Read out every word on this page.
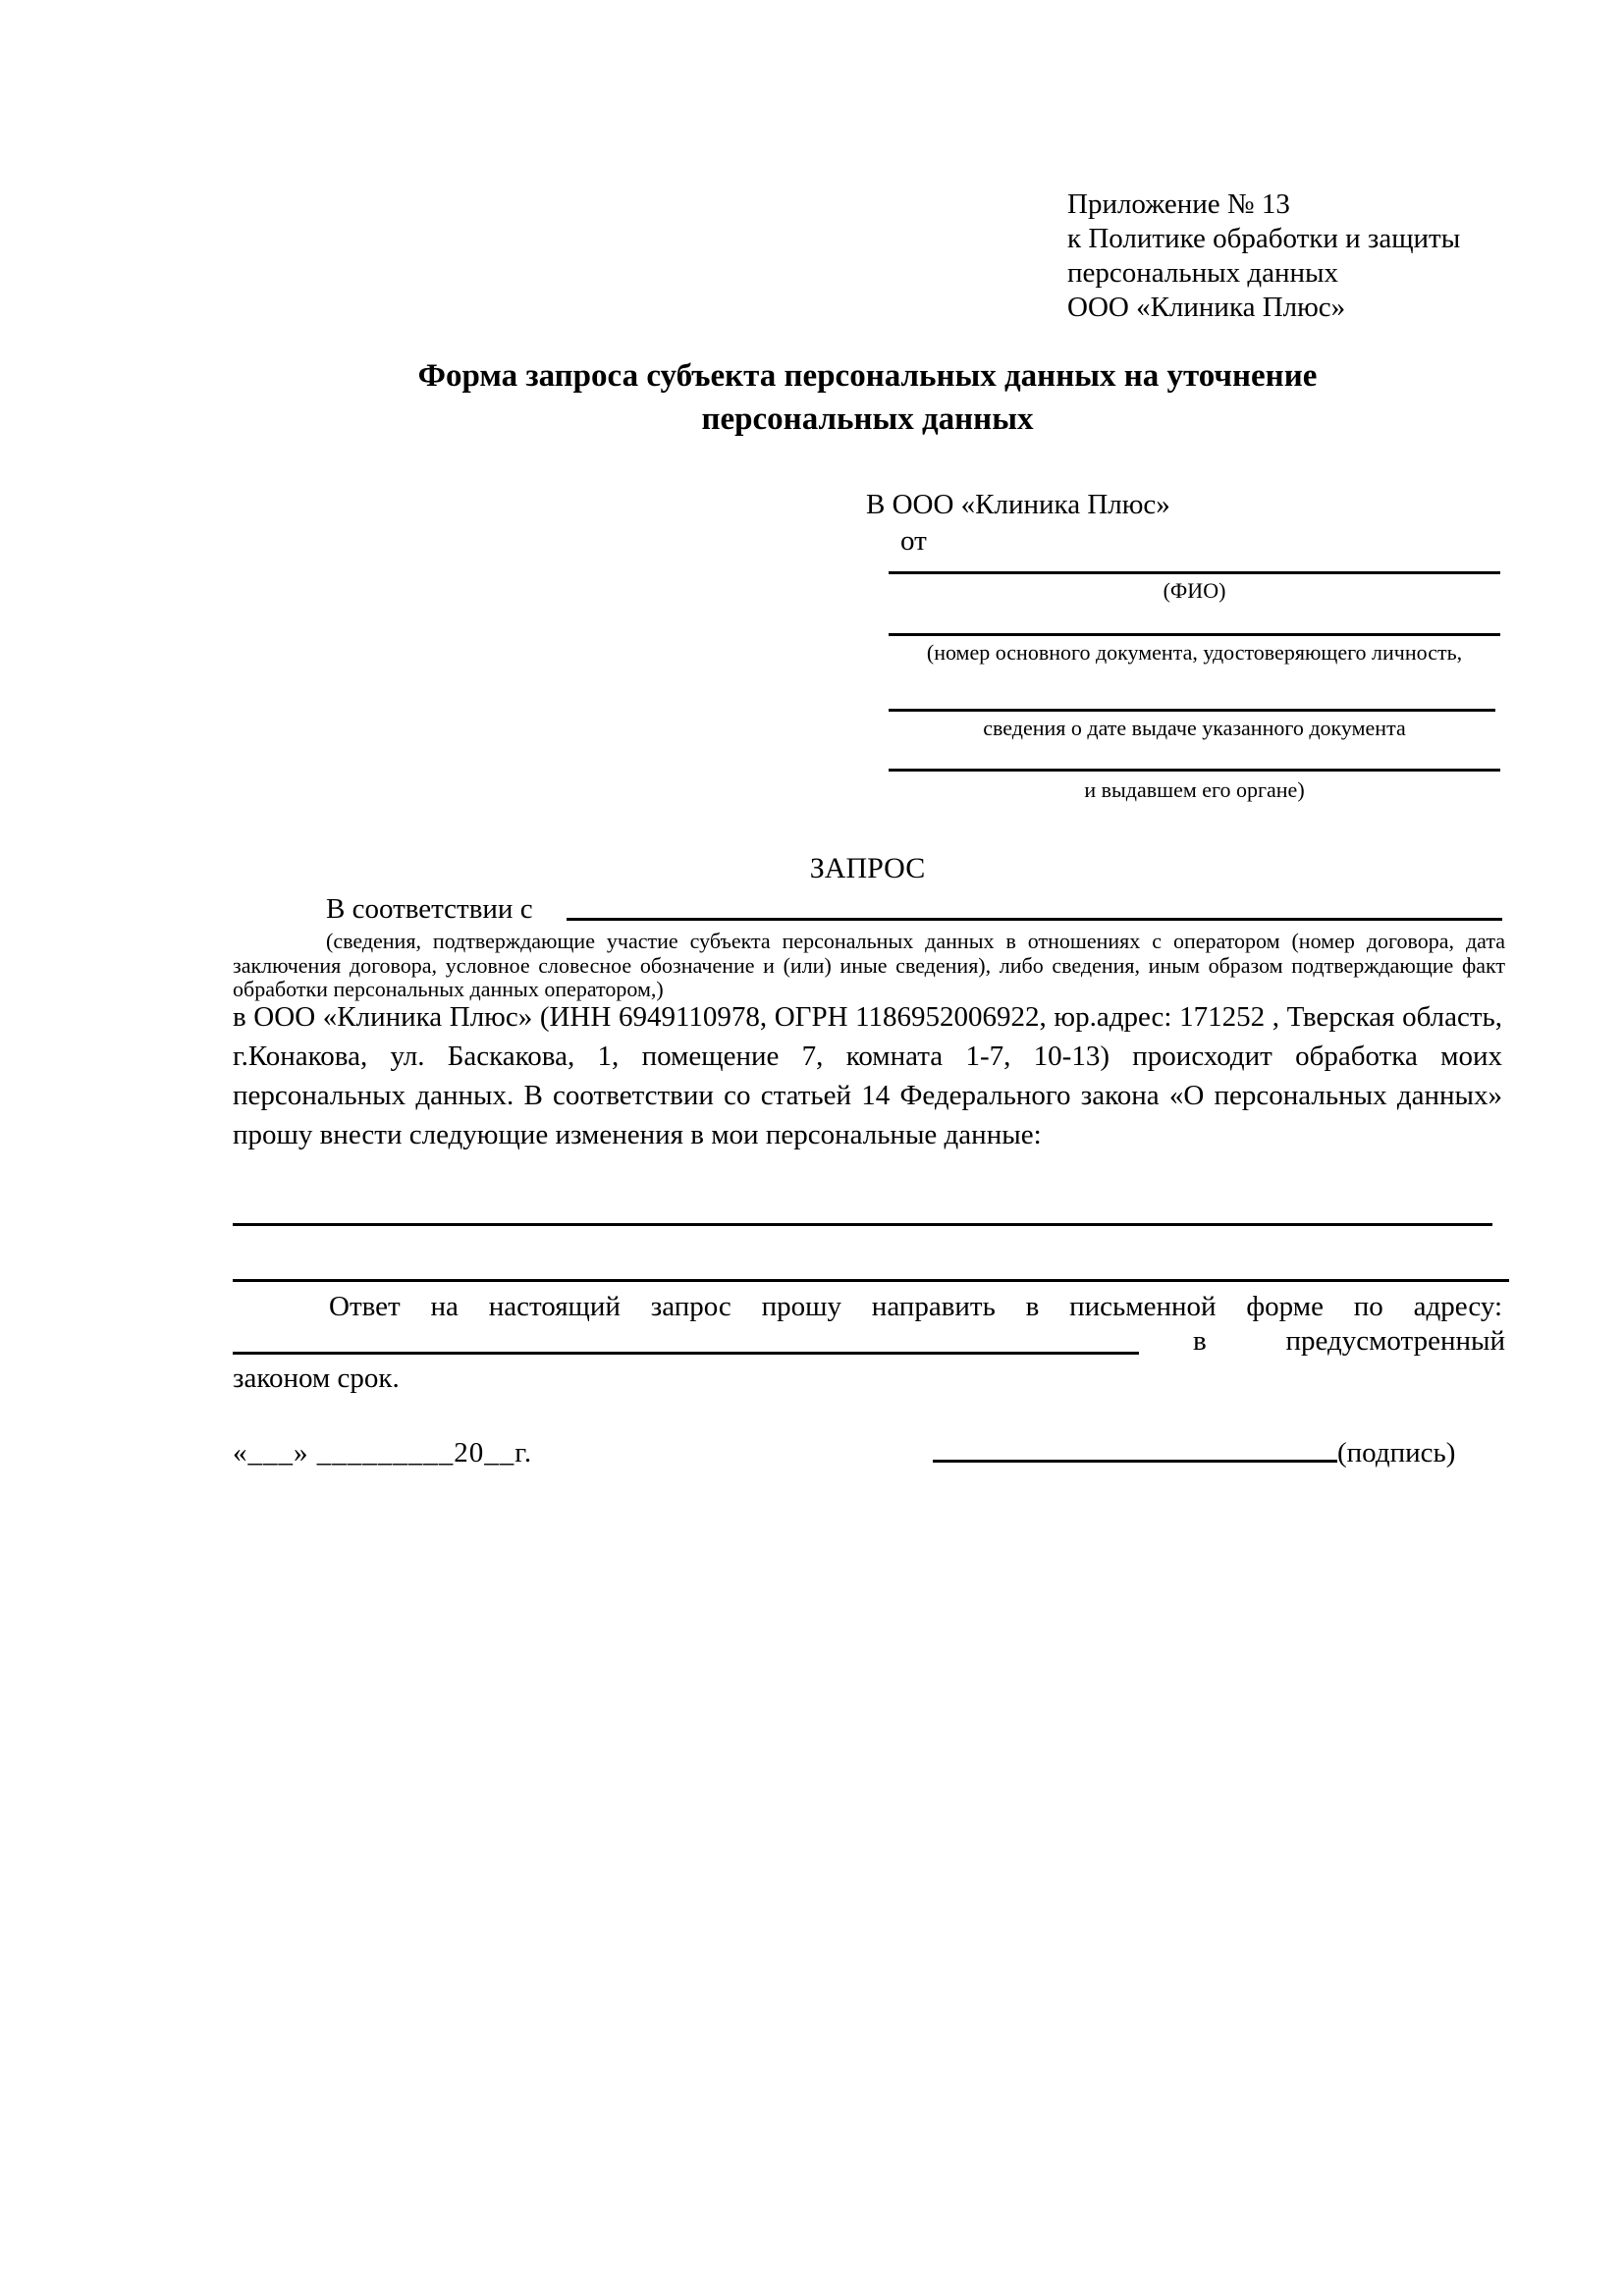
Приложение № 13
к Политике обработки и защиты
персональных данных
ООО «Клиника Плюс»
Форма запроса субъекта персональных данных на уточнение
персональных данных
В ООО «Клиника Плюс»
от
(ФИО)
(номер основного документа, удостоверяющего личность,
сведения о дате выдаче указанного документа
и выдавшем его органе)
ЗАПРОС
В соответствии с
(сведения, подтверждающие участие субъекта персональных данных в отношениях с оператором (номер договора, дата заключения договора, условное словесное обозначение и (или) иные сведения), либо сведения, иным образом подтверждающие факт обработки персональных данных оператором,)
в ООО «Клиника Плюс» (ИНН 6949110978, ОГРН 1186952006922, юр.адрес: 171252 , Тверская область, г.Конакова, ул. Баскакова, 1, помещение 7, комната 1-7, 10-13) происходит обработка моих персональных данных. В соответствии со статьей 14 Федерального закона «О персональных данных» прошу внести следующие изменения в мои персональные данные:
Ответ на настоящий запрос прошу направить в письменной форме по адресу:
в предусмотренный
законом срок.
«___» _________20__г.	(подпись)
